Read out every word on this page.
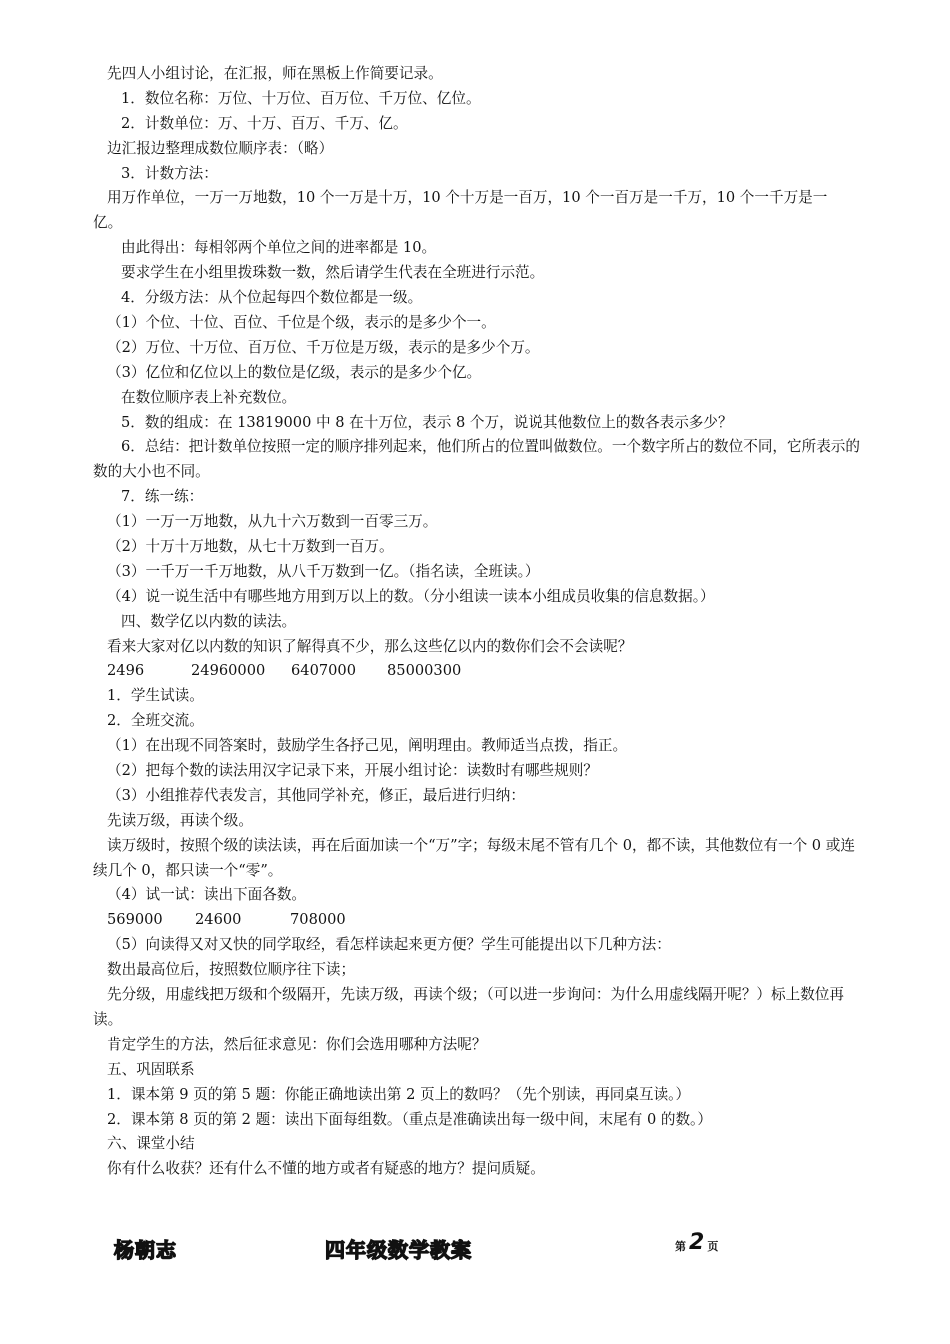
先四人小组讨论，在汇报，师在黑板上作简要记录。
1．数位名称：万位、十万位、百万位、千万位、亿位。
2．计数单位：万、十万、百万、千万、亿。
边汇报边整理成数位顺序表：（略）
3．计数方法：
用万作单位，一万一万地数，10 个一万是十万，10 个十万是一百万，10 个一百万是一千万，10 个一千万是一亿。
由此得出：每相邻两个单位之间的进率都是 10。
要求学生在小组里拨珠数一数，然后请学生代表在全班进行示范。
4．分级方法：从个位起每四个数位都是一级。
（1）个位、十位、百位、千位是个级，表示的是多少个一。
（2）万位、十万位、百万位、千万位是万级，表示的是多少个万。
（3）亿位和亿位以上的数位是亿级，表示的是多少个亿。
在数位顺序表上补充数位。
5．数的组成：在 13819000 中 8 在十万位，表示 8 个万，说说其他数位上的数各表示多少？
6．总结：把计数单位按照一定的顺序排列起来，他们所占的位置叫做数位。一个数字所占的数位不同，它所表示的数的大小也不同。
7．练一练：
（1）一万一万地数，从九十六万数到一百零三万。
（2）十万十万地数，从七十万数到一百万。
（3）一千万一千万地数，从八千万数到一亿。（指名读，全班读。）
（4）说一说生活中有哪些地方用到万以上的数。（分小组读一读本小组成员收集的信息数据。）
四、数学亿以内数的读法。
看来大家对亿以内数的知识了解得真不少，那么这些亿以内的数你们会不会读呢？
2496	24960000	6407000	85000300
1．学生试读。
2．全班交流。
（1）在出现不同答案时，鼓励学生各抒己见，阐明理由。教师适当点拨，指正。
（2）把每个数的读法用汉字记录下来，开展小组讨论：读数时有哪些规则？
（3）小组推荐代表发言，其他同学补充，修正，最后进行归纳：
先读万级，再读个级。
读万级时，按照个级的读法读，再在后面加读一个“万”字；每级末尾不管有几个 0，都不读，其他数位有一个 0 或连续几个 0，都只读一个“零”。
（4）试一试：读出下面各数。
569000	24600	708000
（5）向读得又对又快的同学取经，看怎样读起来更方便？学生可能提出以下几种方法：
数出最高位后，按照数位顺序往下读；
先分级，用虚线把万级和个级隔开，先读万级，再读个级；（可以进一步询问：为什么用虚线隔开呢？）标上数位再读。
肯定学生的方法，然后征求意见：你们会选用哪种方法呢？
五、巩固联系
1．课本第 9 页的第 5 题：你能正确地读出第 2 页上的数吗？（先个别读，再同桌互读。）
2．课本第 8 页的第 2 题：读出下面每组数。（重点是准确读出每一级中间，末尾有 0 的数。）
六、课堂小结
你有什么收获？还有什么不懂的地方或者有疑惑的地方？提问质疑。
杨朝志	四年级数学教案	第 2 页
